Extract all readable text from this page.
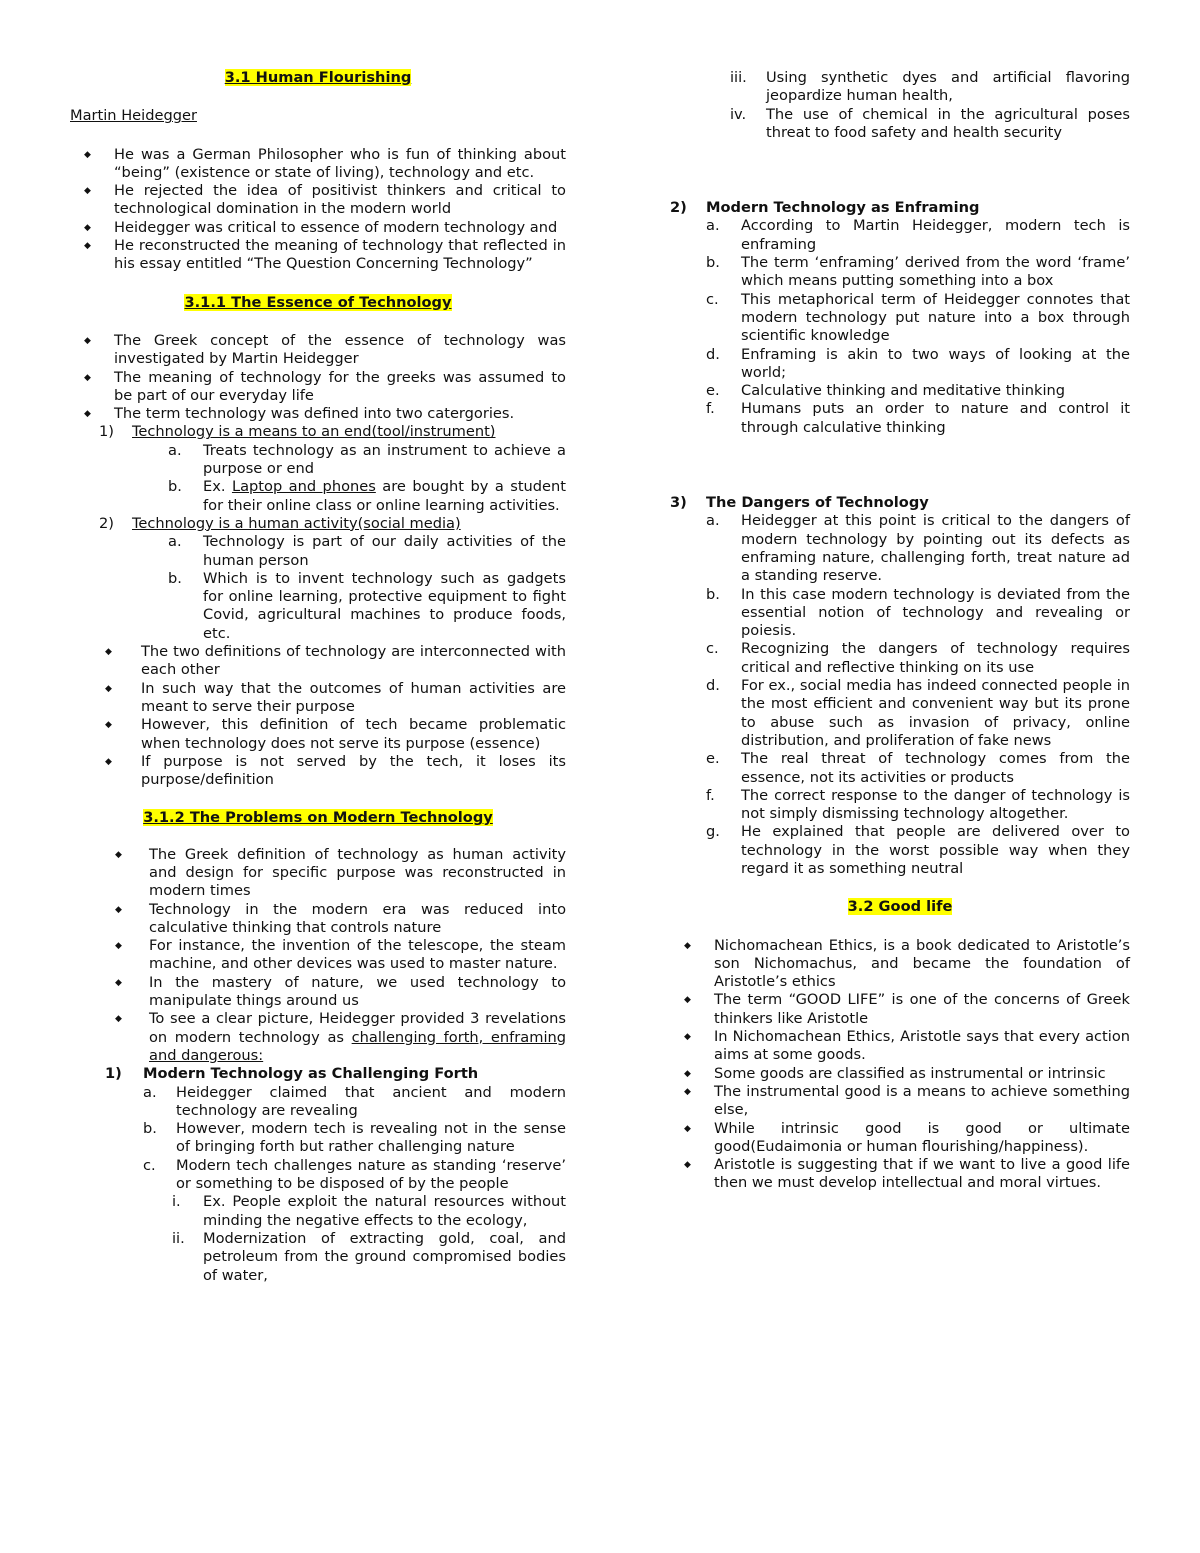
3.1 Human Flourishing
Martin Heidegger
◆ He was a German Philosopher who is fun of thinking about “being” (existence or state of living), technology and etc.
◆ He rejected the idea of positivist thinkers and critical to technological domination in the modern world
◆ Heidegger was critical to essence of modern technology and
◆ He reconstructed the meaning of technology that reflected in his essay entitled “The Question Concerning Technology”
3.1.1 The Essence of Technology
◆ The Greek concept of the essence of technology was investigated by Martin Heidegger
◆ The meaning of technology for the greeks was assumed to be part of our everyday life
◆ The term technology was defined into two catergories.
1) Technology is a means to an end(tool/instrument)
a. Treats technology as an instrument to achieve a purpose or end
b. Ex. Laptop and phones are bought by a student for their online class or online learning activities.
2) Technology is a human activity(social media)
a. Technology is part of our daily activities of the human person
b. Which is to invent technology such as gadgets for online learning, protective equipment to fight Covid, agricultural machines to produce foods, etc.
◆ The two definitions of technology are interconnected with each other
◆ In such way that the outcomes of human activities are meant to serve their purpose
◆ However, this definition of tech became problematic when technology does not serve its purpose (essence)
◆ If purpose is not served by the tech, it loses its purpose/definition
3.1.2 The Problems on Modern Technology
◆ The Greek definition of technology as human activity and design for specific purpose was reconstructed in modern times
◆ Technology in the modern era was reduced into calculative thinking that controls nature
◆ For instance, the invention of the telescope, the steam machine, and other devices was used to master nature.
◆ In the mastery of nature, we used technology to manipulate things around us
◆ To see a clear picture, Heidegger provided 3 revelations on modern technology as challenging forth, enframing and dangerous:
1) Modern Technology as Challenging Forth
a. Heidegger claimed that ancient and modern technology are revealing
b. However, modern tech is revealing not in the sense of bringing forth but rather challenging nature
c. Modern tech challenges nature as standing ‘reserve’ or something to be disposed of by the people
i. Ex. People exploit the natural resources without minding the negative effects to the ecology,
ii. Modernization of extracting gold, coal, and petroleum from the ground compromised bodies of water,
iii. Using synthetic dyes and artificial flavoring jeopardize human health,
iv. The use of chemical in the agricultural poses threat to food safety and health security
2) Modern Technology as Enframing
a. According to Martin Heidegger, modern tech is enframing
b. The term ‘enframing’ derived from the word ‘frame’ which means putting something into a box
c. This metaphorical term of Heidegger connotes that modern technology put nature into a box through scientific knowledge
d. Enframing is akin to two ways of looking at the world;
e. Calculative thinking and meditative thinking
f. Humans puts an order to nature and control it through calculative thinking
3) The Dangers of Technology
a. Heidegger at this point is critical to the dangers of modern technology by pointing out its defects as enframing nature, challenging forth, treat nature ad a standing reserve.
b. In this case modern technology is deviated from the essential notion of technology and revealing or poiesis.
c. Recognizing the dangers of technology requires critical and reflective thinking on its use
d. For ex., social media has indeed connected people in the most efficient and convenient way but its prone to abuse such as invasion of privacy, online distribution, and proliferation of fake news
e. The real threat of technology comes from the essence, not its activities or products
f. The correct response to the danger of technology is not simply dismissing technology altogether.
g. He explained that people are delivered over to technology in the worst possible way when they regard it as something neutral
3.2 Good life
◆ Nichomachean Ethics, is a book dedicated to Aristotle’s son Nichomachus, and became the foundation of Aristotle’s ethics
◆ The term “GOOD LIFE” is one of the concerns of Greek thinkers like Aristotle
◆ In Nichomachean Ethics, Aristotle says that every action aims at some goods.
◆ Some goods are classified as instrumental or intrinsic
◆ The instrumental good is a means to achieve something else,
◆ While intrinsic good is good or ultimate good(Eudaimonia or human flourishing/happiness).
◆ Aristotle is suggesting that if we want to live a good life then we must develop intellectual and moral virtues.
